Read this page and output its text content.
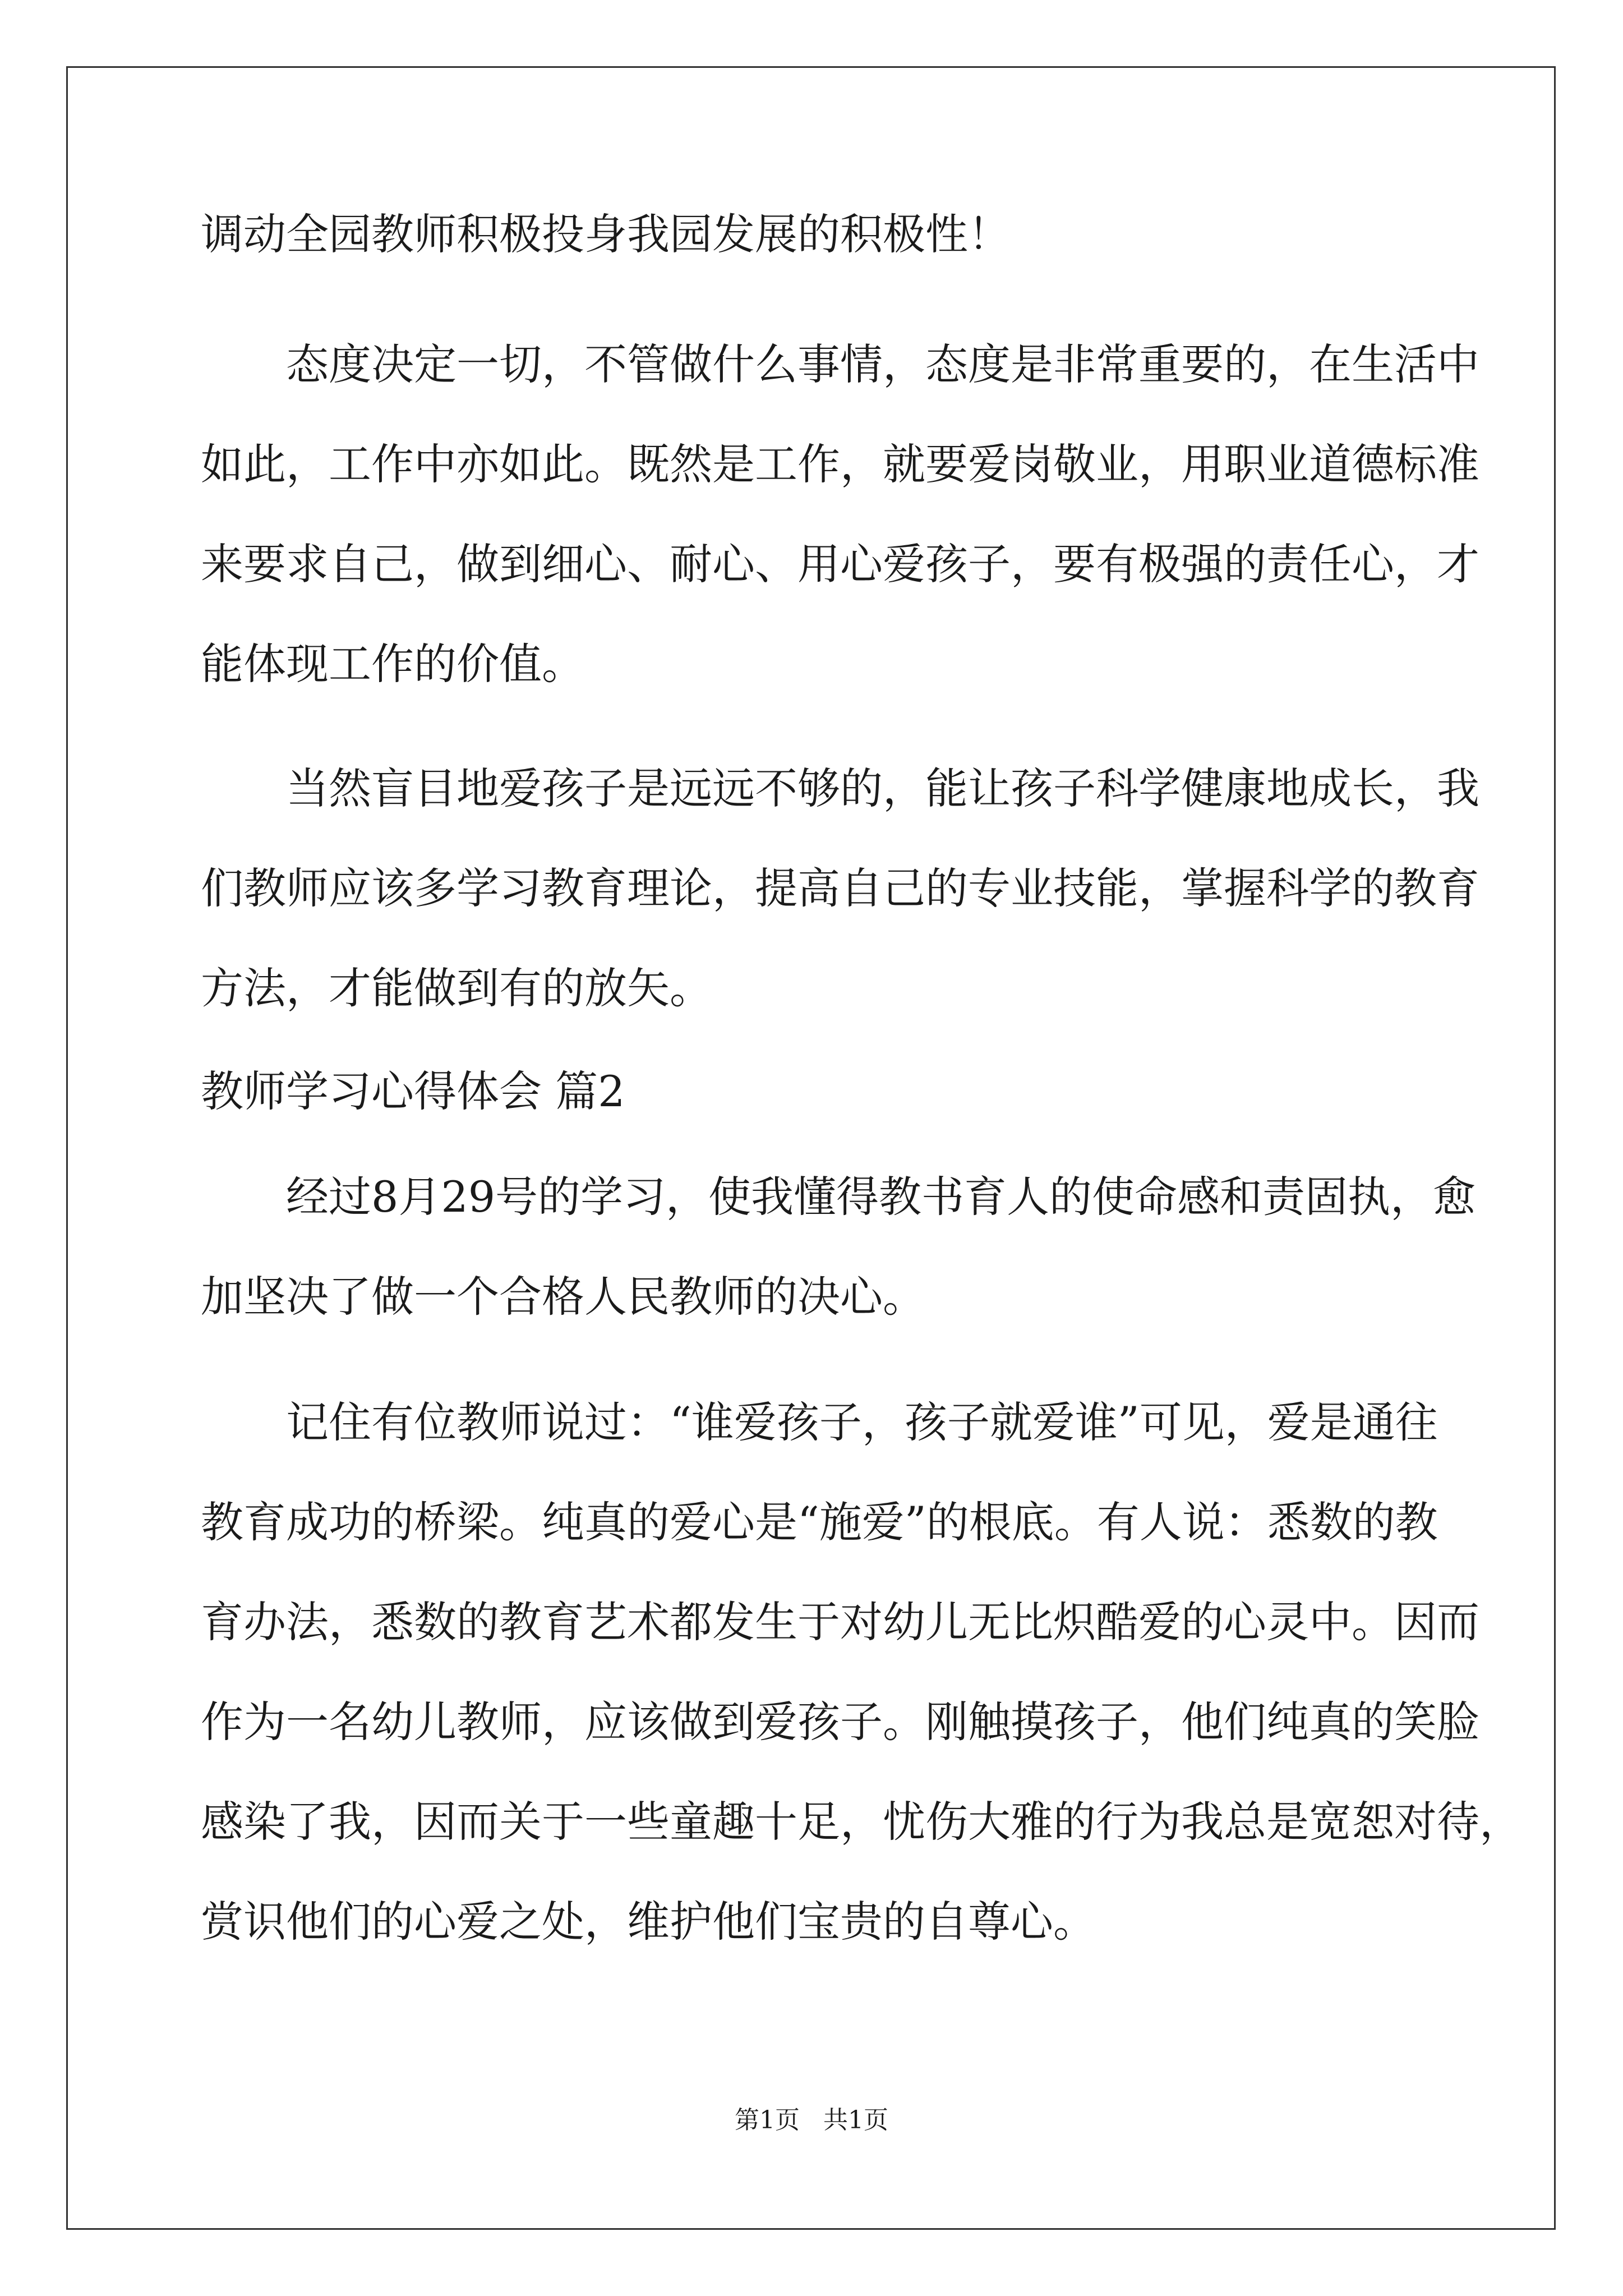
调动全园教师积极投身我园发展的积极性！
态度决定一切，不管做什么事情，态度是非常重要的，在生活中
如此，工作中亦如此。既然是工作，就要爱岗敬业，用职业道德标准
来要求自己，做到细心、耐心、用心爱孩子，要有极强的责任心，才
能体现工作的价值。
当然盲目地爱孩子是远远不够的，能让孩子科学健康地成长，我
们教师应该多学习教育理论，提高自己的专业技能，掌握科学的教育
方法，才能做到有的放矢。
教师学习心得体会 篇2
经过8月29号的学习，使我懂得教书育人的使命感和责固执，愈
加坚决了做一个合格人民教师的决心。
记住有位教师说过：“谁爱孩子，孩子就爱谁”可见，爱是通往
教育成功的桥梁。纯真的爱心是“施爱”的根底。有人说：悉数的教
育办法，悉数的教育艺术都发生于对幼儿无比炽酷爱的心灵中。因而
作为一名幼儿教师，应该做到爱孩子。刚触摸孩子，他们纯真的笑脸
感染了我，因而关于一些童趣十足，忧伤大雅的行为我总是宽恕对待，
赏识他们的心爱之处，维护他们宝贵的自尊心。
第1页   共1页
